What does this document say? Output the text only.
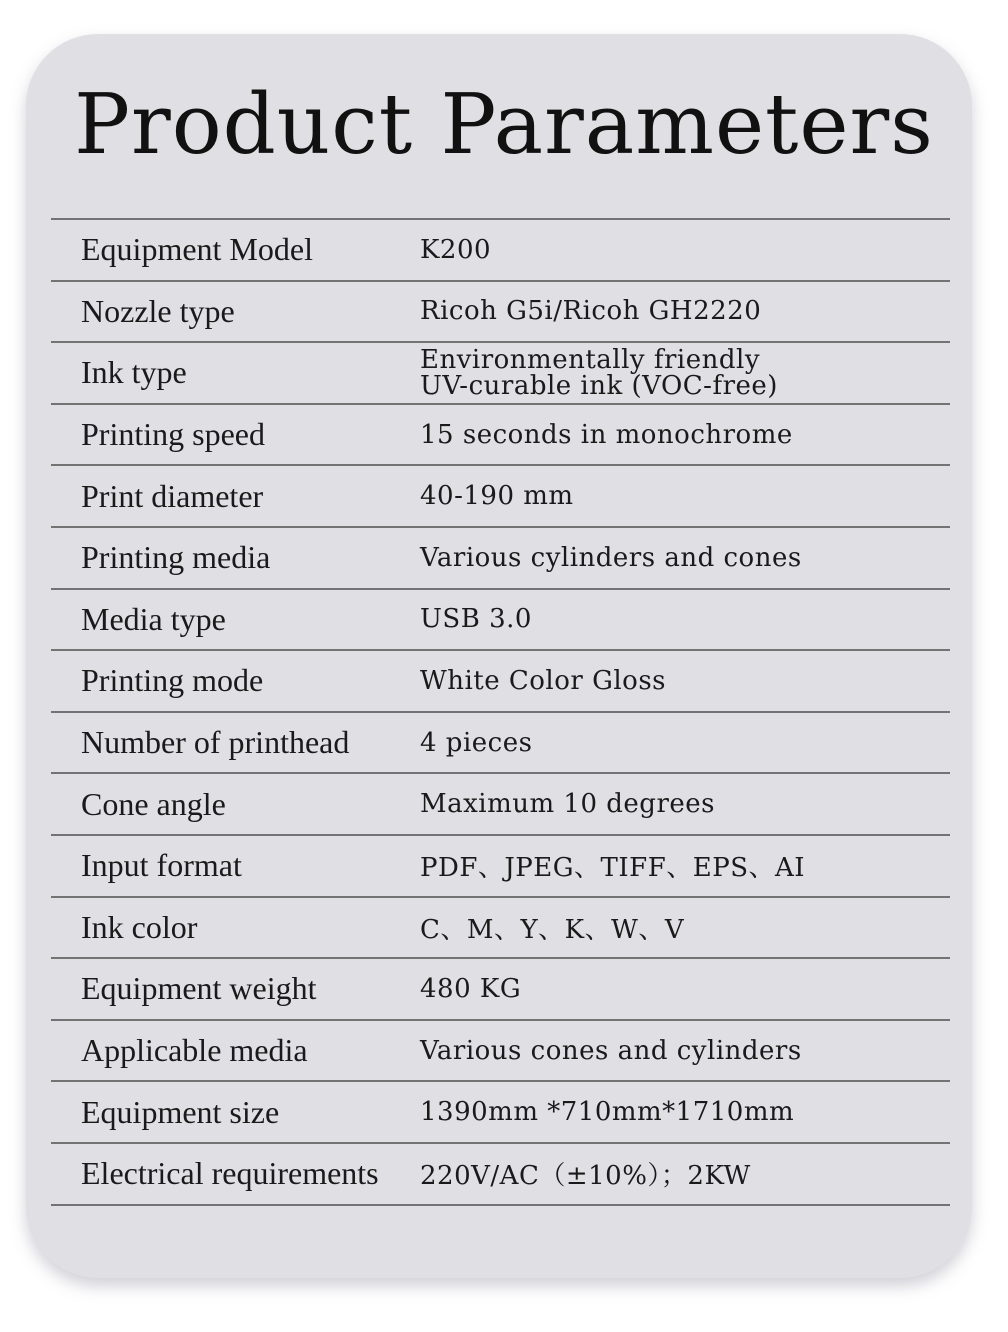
Product Parameters
Equipment Model	K200
Nozzle type	Ricoh G5i/Ricoh GH2220
Ink type	Environmentally friendly
UV-curable ink (VOC-free)
Printing speed	15 seconds in monochrome
Print diameter	40-190 mm
Printing media	Various cylinders and cones
Media type	USB 3.0
Printing mode	White Color Gloss
Number of printhead	4 pieces
Cone angle	Maximum 10 degrees
Input format	PDF、JPEG、TIFF、EPS、AI
Ink color	C、M、Y、K、W、V
Equipment weight	480 KG
Applicable media	Various cones and cylinders
Equipment size	1390mm *710mm*1710mm
Electrical requirements 220V/AC（±10%）；2KW
